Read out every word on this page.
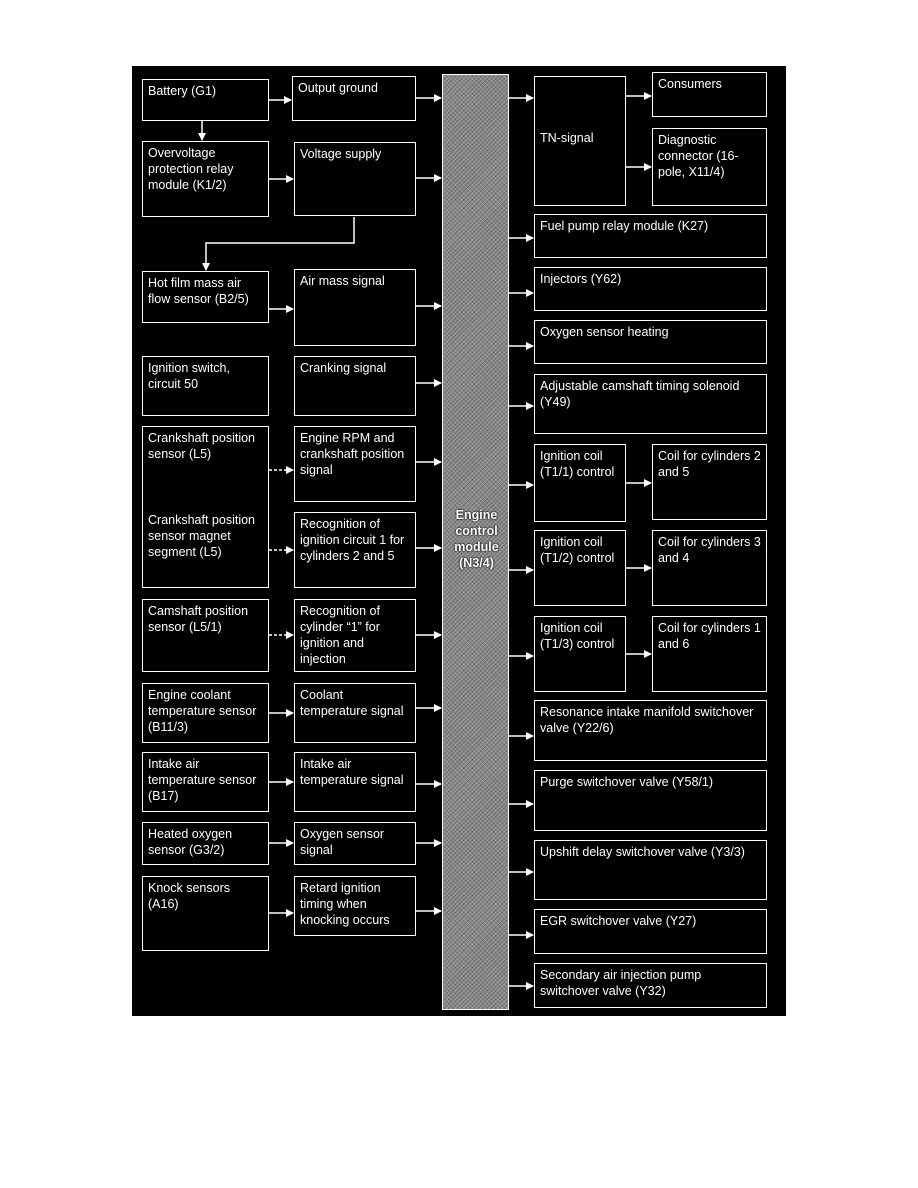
Battery (G1)
Overvoltage protection relay module (K1/2)
Hot film mass air flow sensor (B2/5)
Ignition switch, circuit 50
Crankshaft position sensor (L5)
Crankshaft position sensor magnet segment (L5)
Camshaft position sensor (L5/1)
Engine coolant temperature sensor (B11/3)
Intake air temperature sensor (B17)
Heated oxygen sensor (G3/2)
Knock sensors (A16)
Output ground
Voltage supply
Air mass signal
Cranking signal
Engine RPM and crankshaft position signal
Recognition of ignition circuit 1 for cylinders 2 and 5
Recognition of cylinder “1” for ignition and injection
Coolant temperature signal
Intake air temperature signal
Oxygen sensor signal
Retard ignition timing when knocking occurs
Engine
control
module
(N3/4)
TN-signal
Fuel pump relay module (K27)
Injectors (Y62)
Oxygen sensor heating
Adjustable camshaft timing solenoid (Y49)
Ignition coil (T1/1) control
Ignition coil (T1/2) control
Ignition coil (T1/3) control
Resonance intake manifold switchover valve (Y22/6)
Purge switchover valve (Y58/1)
Upshift delay switchover valve (Y3/3)
EGR switchover valve (Y27)
Secondary air injection pump switchover valve (Y32)
Consumers
Diagnostic connector (16-pole, X11/4)
Coil for cylinders 2 and 5
Coil for cylinders 3 and 4
Coil for cylinders 1 and 6
